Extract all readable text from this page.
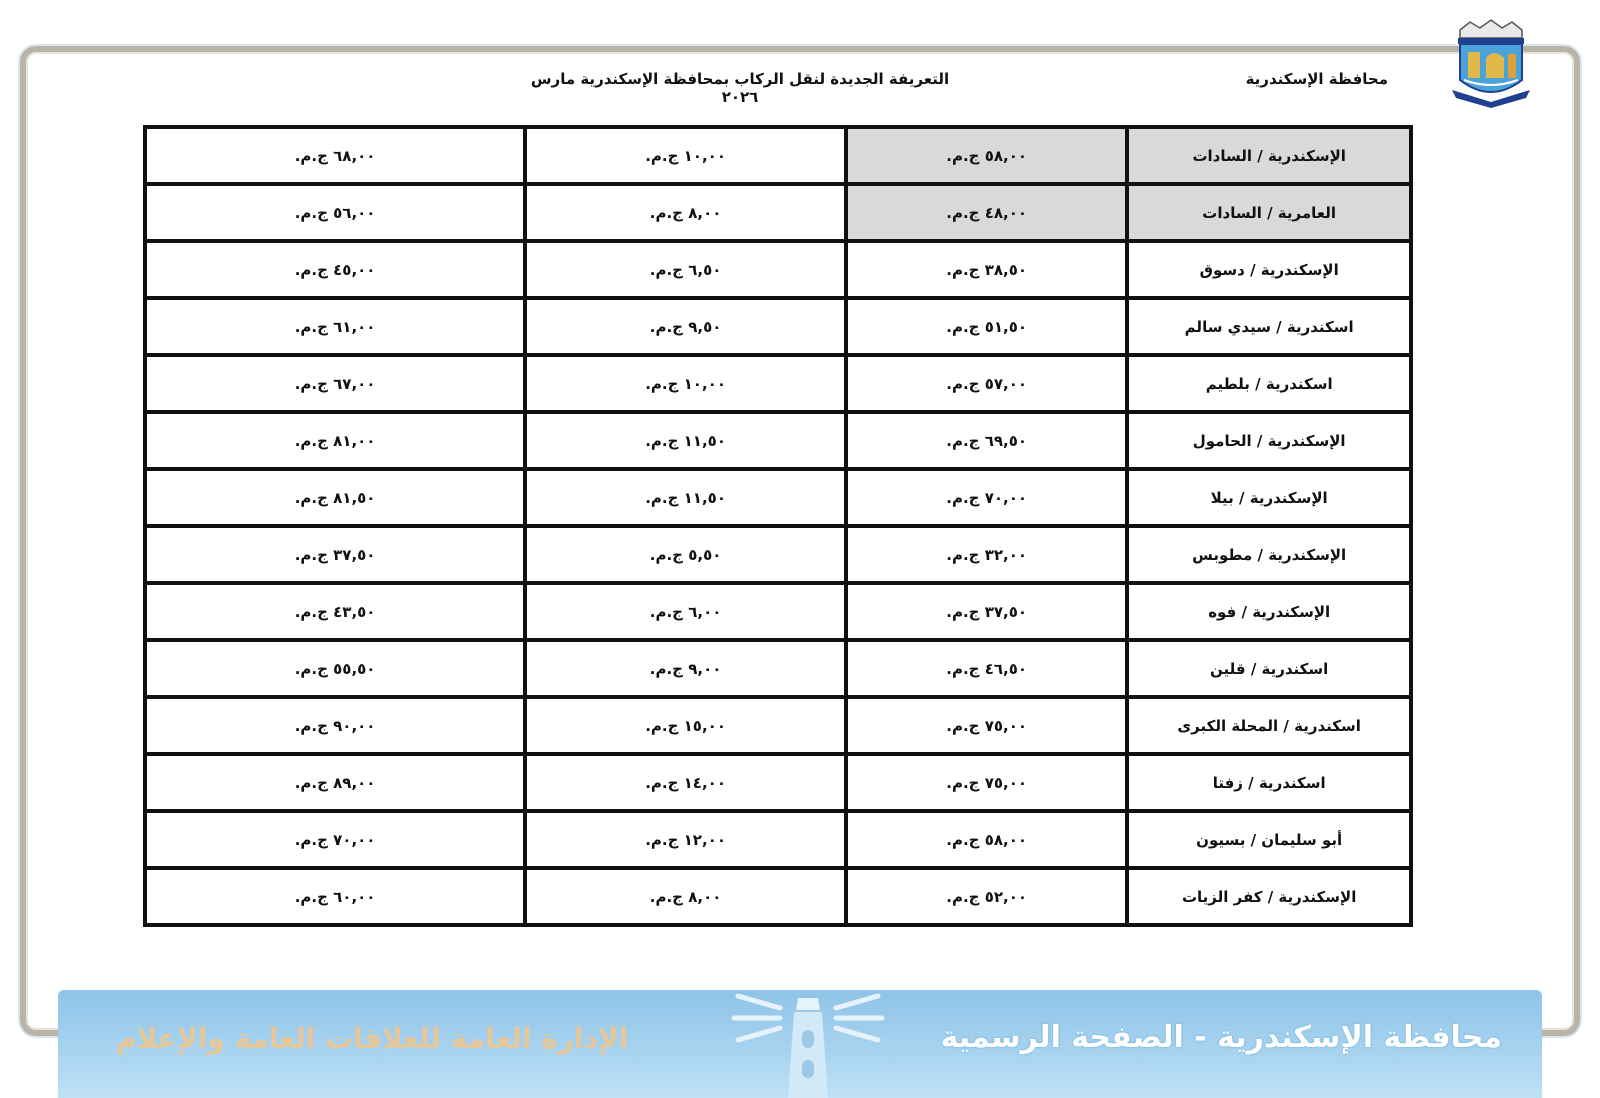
محافظة الإسكندرية
التعريفة الجديدة لنقل الركاب بمحافظة الإسكندرية مارس ٢٠٢٦
الإسكندرية / السادات	٥٨,٠٠ ج.م.	١٠,٠٠ ج.م.	٦٨,٠٠ ج.م.
العامرية / السادات	٤٨,٠٠ ج.م.	٨,٠٠ ج.م.	٥٦,٠٠ ج.م.
الإسكندرية / دسوق	٣٨,٥٠ ج.م.	٦,٥٠ ج.م.	٤٥,٠٠ ج.م.
اسكندرية / سيدي سالم	٥١,٥٠ ج.م.	٩,٥٠ ج.م.	٦١,٠٠ ج.م.
اسكندرية / بلطيم	٥٧,٠٠ ج.م.	١٠,٠٠ ج.م.	٦٧,٠٠ ج.م.
الإسكندرية / الحامول	٦٩,٥٠ ج.م.	١١,٥٠ ج.م.	٨١,٠٠ ج.م.
الإسكندرية / بيلا	٧٠,٠٠ ج.م.	١١,٥٠ ج.م.	٨١,٥٠ ج.م.
الإسكندرية / مطوبس	٣٢,٠٠ ج.م.	٥,٥٠ ج.م.	٣٧,٥٠ ج.م.
الإسكندرية / فوه	٣٧,٥٠ ج.م.	٦,٠٠ ج.م.	٤٣,٥٠ ج.م.
اسكندرية / قلين	٤٦,٥٠ ج.م.	٩,٠٠ ج.م.	٥٥,٥٠ ج.م.
اسكندرية / المحلة الكبرى	٧٥,٠٠ ج.م.	١٥,٠٠ ج.م.	٩٠,٠٠ ج.م.
اسكندرية / زفتا	٧٥,٠٠ ج.م.	١٤,٠٠ ج.م.	٨٩,٠٠ ج.م.
أبو سليمان / بسيون	٥٨,٠٠ ج.م.	١٢,٠٠ ج.م.	٧٠,٠٠ ج.م.
الإسكندرية / كفر الزيات	٥٢,٠٠ ج.م.	٨,٠٠ ج.م.	٦٠,٠٠ ج.م.
محافظة الإسكندرية - الصفحة الرسمية
الإدارة العامة للعلاقات العامة والإعلام
